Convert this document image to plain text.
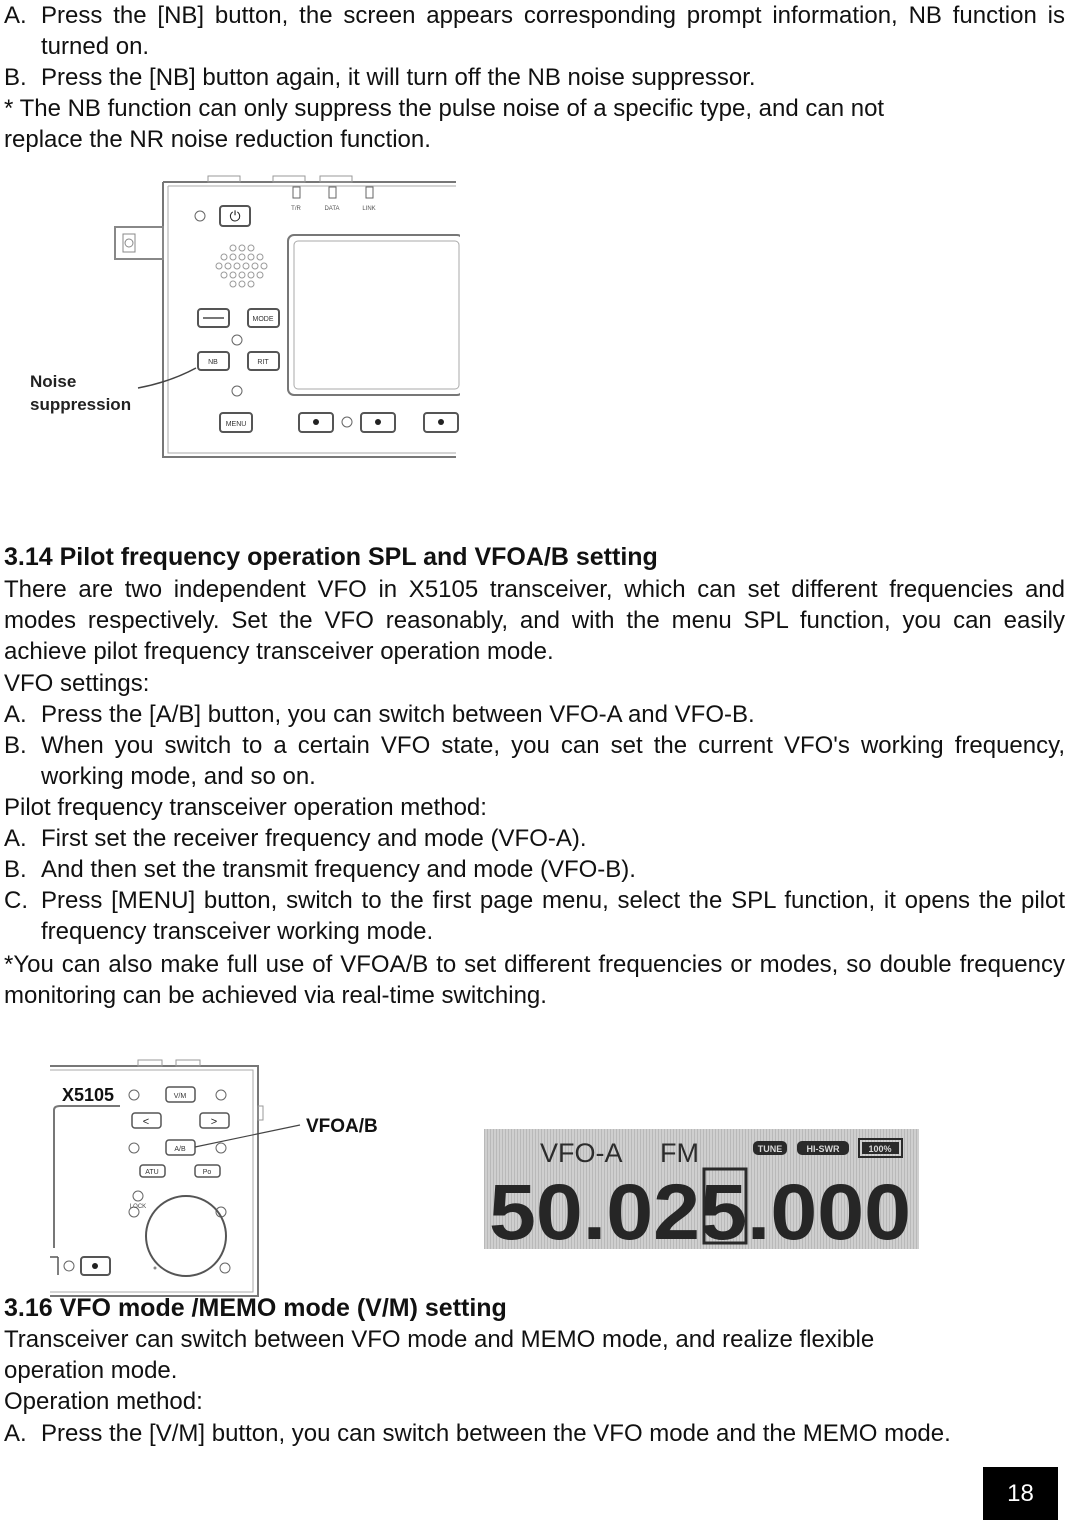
A. Press the [NB] button, the screen appears corresponding prompt information, NB function is turned on.
B. Press the [NB] button again, it will turn off the NB noise suppressor.
* The NB function can only suppress the pulse noise of a specific type, and can not
replace the NR noise reduction function.
T/R	DATA	LINK
⏻
MODE
NB	RIT
MENU
Noise
suppression
3.14 Pilot frequency operation SPL and VFOA/B setting
There are two independent VFO in X5105 transceiver, which can set different frequencies and modes respectively. Set the VFO reasonably, and with the menu SPL function, you can easily achieve pilot frequency transceiver operation mode.
VFO settings:
A. Press the [A/B] button, you can switch between VFO-A and VFO-B.
B. When you switch to a certain VFO state, you can set the current VFO's working frequency, working mode, and so on.
Pilot frequency transceiver operation method:
A. First set the receiver frequency and mode (VFO-A).
B. And then set the transmit frequency and mode (VFO-B).
C. Press [MENU] button, switch to the first page menu, select the SPL function, it opens the pilot frequency transceiver working mode.
*You can also make full use of VFOA/B to set different frequencies or modes, so double frequency monitoring can be achieved via real-time switching.
X5105	V/M
<	>
A/B
ATU	Po
LOCK
VFOA/B
VFO-A FM	TUNE	HI-SWR	100%
50.025.000
3.16 VFO mode /MEMO mode (V/M) setting
Transceiver can switch between VFO mode and MEMO mode, and realize flexible
operation mode.
Operation method:
A. Press the [V/M] button, you can switch between the VFO mode and the MEMO mode.
18
